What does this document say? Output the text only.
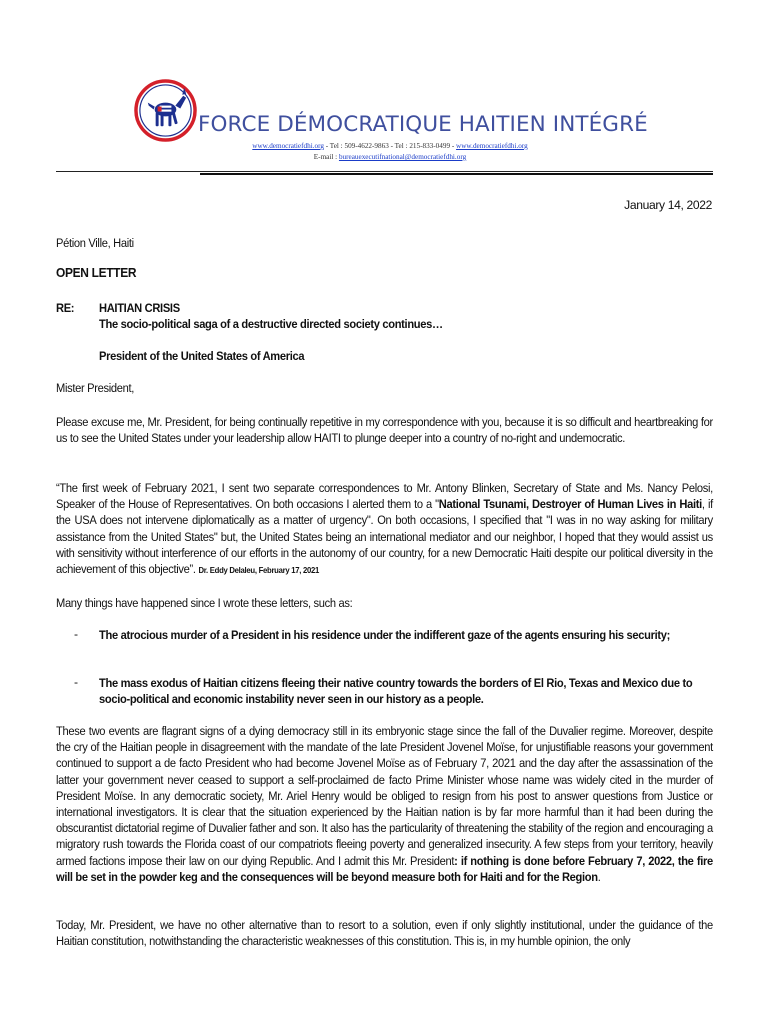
FORCE DÉMOCRATIQUE HAITIEN INTÉGRÉ
www.democratiefdhi.org - Tel : 509-4622-9863 - Tel : 215-833-0499 - www.democratiefdhi.org
E-mail : bureauexecutifnational@democratiefdhi.org

January 14, 2022

Pétion Ville, Haiti

OPEN LETTER

RE:	HAITIAN CRISIS

The socio-political saga of a destructive directed society continues…

President of the United States of America

Mister President,

Please excuse me, Mr. President, for being continually repetitive in my correspondence with you, because it is so difficult and heartbreaking for us to see the United States under your leadership allow HAITI to plunge deeper into a country of no-right and undemocratic.

“The first week of February 2021, I sent two separate correspondences to Mr. Antony Blinken, Secretary of State and Ms. Nancy Pelosi, Speaker of the House of Representatives. On both occasions I alerted them to a "National Tsunami, Destroyer of Human Lives in Haiti, if the USA does not intervene diplomatically as a matter of urgency". On both occasions, I specified that "I was in no way asking for military assistance from the United States" but, the United States being an international mediator and our neighbor, I hoped that they would assist us with sensitivity without interference of our efforts in the autonomy of our country, for a new Democratic Haiti despite our political diversity in the achievement of this objective”. Dr. Eddy Delaleu, February 17, 2021

Many things have happened since I wrote these letters, such as:

- The atrocious murder of a President in his residence under the indifferent gaze of the agents ensuring his security;

- The mass exodus of Haitian citizens fleeing their native country towards the borders of El Rio, Texas and Mexico due to socio-political and economic instability never seen in our history as a people.

These two events are flagrant signs of a dying democracy still in its embryonic stage since the fall of the Duvalier regime. Moreover, despite the cry of the Haitian people in disagreement with the mandate of the late President Jovenel Moïse, for unjustifiable reasons your government continued to support a de facto President who had become Jovenel Moïse as of February 7, 2021 and the day after the assassination of the latter your government never ceased to support a self-proclaimed de facto Prime Minister whose name was widely cited in the murder of President Moïse. In any democratic society, Mr. Ariel Henry would be obliged to resign from his post to answer questions from Justice or international investigators. It is clear that the situation experienced by the Haitian nation is by far more harmful than it had been during the obscurantist dictatorial regime of Duvalier father and son. It also has the particularity of threatening the stability of the region and encouraging a migratory rush towards the Florida coast of our compatriots fleeing poverty and generalized insecurity. A few steps from your territory, heavily armed factions impose their law on our dying Republic. And I admit this Mr. President: if nothing is done before February 7, 2022, the fire will be set in the powder keg and the consequences will be beyond measure both for Haiti and for the Region.

Today, Mr. President, we have no other alternative than to resort to a solution, even if only slightly institutional, under the guidance of the Haitian constitution, notwithstanding the characteristic weaknesses of this constitution. This is, in my humble opinion, the only
